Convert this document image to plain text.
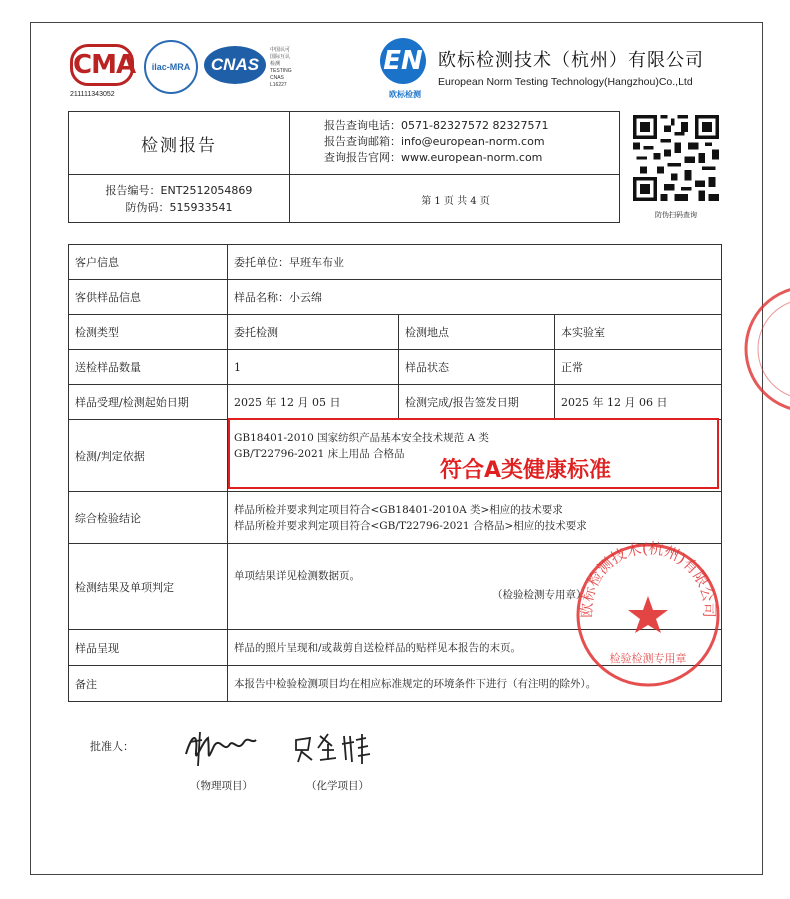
CMA
211111343052
ilac-MRA	CNAS
中国认可
国际互认
检测
TESTING
CNAS L16227
EN
欧标检测
欧标检测技术（杭州）有限公司
European Norm Testing Technology(Hangzhou)Co.,Ltd
检测报告
报告编号：ENT2512054869
防伪码：515933541
报告查询电话： 0571-82327572 82327571
报告查询邮箱： info@european-norm.com
查询报告官网： www.european-norm.com
第 1 页 共 4 页
防伪扫码查询
客户信息	委托单位：早班车布业		
客供样品信息	样品名称：小云绵		
检测类型	委托检测	检测地点	本实验室
送检样品数量	1	样品状态	正常
样品受理/检测起始日期	2025 年 12 月 05 日	检测完成/报告签发日期	2025 年 12 月 06 日
检测/判定依据	GB18401-2010 国家纺织产品基本安全技术规范 A 类
GB/T22796-2021 床上用品 合格品		

综合检验结论	样品所检并要求判定项目符合<GB18401-2010A 类>相应的技术要求
样品所检并要求判定项目符合<GB/T22796-2021 合格品>相应的技术要求		

检测结果及单项判定	单项结果详见检测数据页。
（检验检测专用章）		

样品呈现	样品的照片呈现和/或裁剪自送检样品的贴样见本报告的末页。		
备注	本报告中检验检测项目均在相应标准规定的环境条件下进行（有注明的除外）。		
符合A类健康标准
欧标检测技术(杭州)有限公司
检验检测专用章
批准人：
（物理项目）	（化学项目）
